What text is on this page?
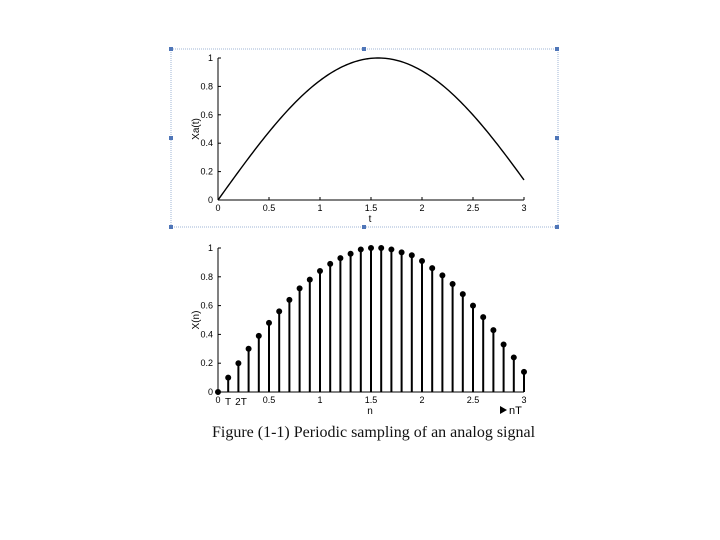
0	0.5	1	1.5	2	2.5	3
0
0.2
0.4
0.6
0.8
1
t
Xa(t)
0	0.5	1	1.5	2	2.5	3
0
0.2
0.4
0.6
0.8
1
n
X(n)
T 2T
nT
Figure (1-1) Periodic sampling of an analog signal
